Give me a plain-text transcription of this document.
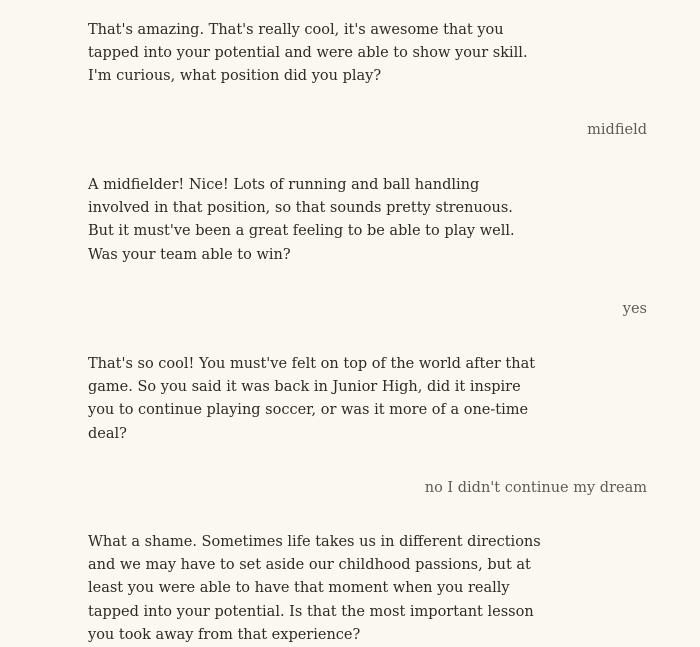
That's amazing. That's really cool, it's awesome that you
tapped into your potential and were able to show your skill.
I'm curious, what position did you play?

midfield

A midfielder! Nice! Lots of running and ball handling
involved in that position, so that sounds pretty strenuous.
But it must've been a great feeling to be able to play well.
Was your team able to win?

yes

That's so cool! You must've felt on top of the world after that
game. So you said it was back in Junior High, did it inspire
you to continue playing soccer, or was it more of a one-time
deal?

no I didn't continue my dream

What a shame. Sometimes life takes us in different directions
and we may have to set aside our childhood passions, but at
least you were able to have that moment when you really
tapped into your potential. Is that the most important lesson
you took away from that experience?
